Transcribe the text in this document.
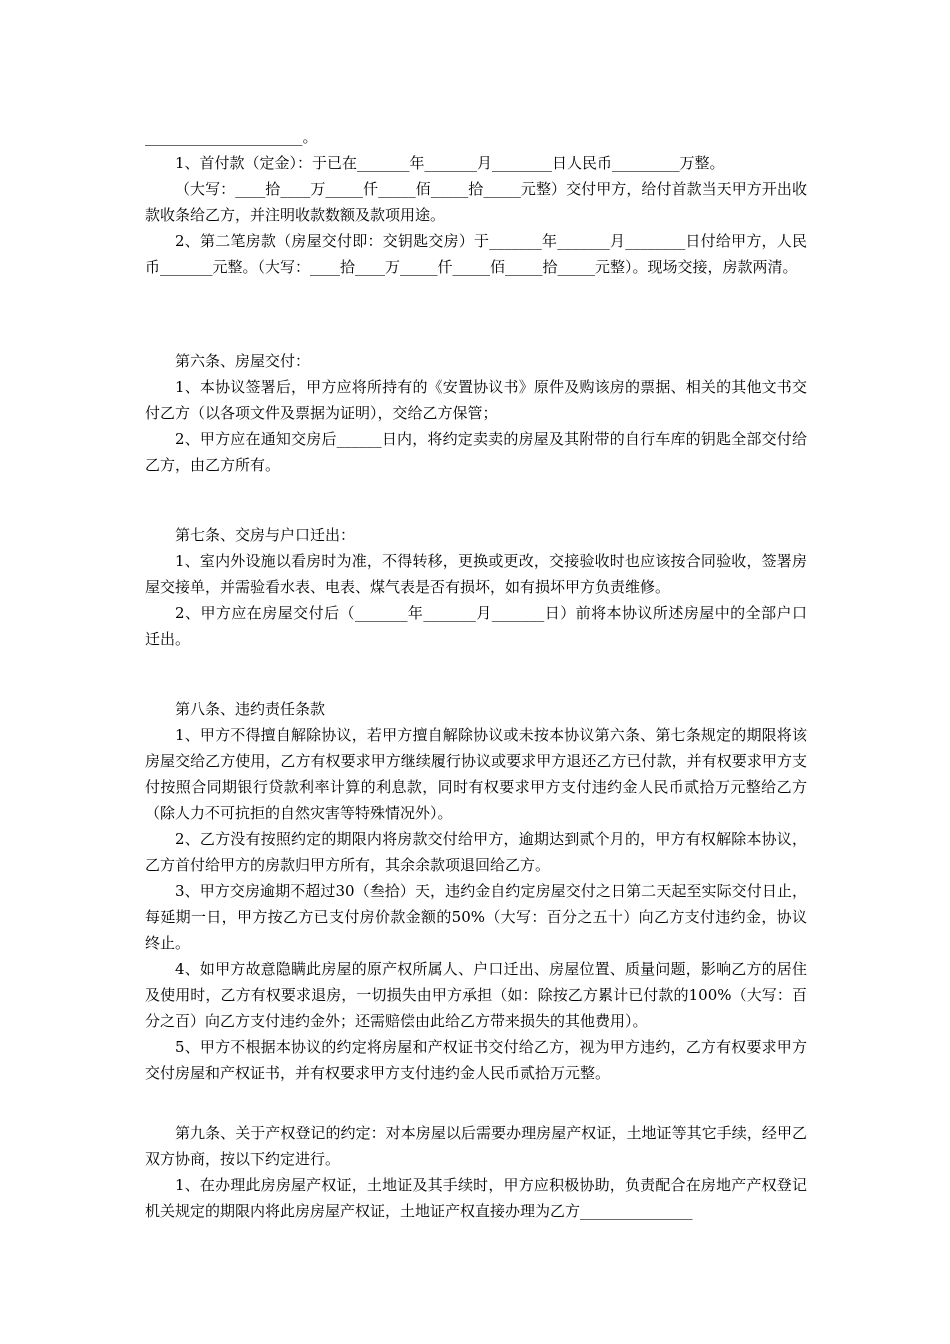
_____________________。

1、首付款（定金）：于已在_______年_______月________日人民币_________万整。

（大写：____拾____万_____仟_____佰_____拾_____元整）交付甲方，给付首款当天甲方开出收款收条给乙方，并注明收款数额及款项用途。

2、第二笔房款（房屋交付即：交钥匙交房）于_______年_______月________日付给甲方，人民币_______元整。（大写：____拾____万_____仟_____佰_____拾_____元整）。现场交接，房款两清。

第六条、房屋交付：

1、本协议签署后，甲方应将所持有的《安置协议书》原件及购该房的票据、相关的其他文书交付乙方（以各项文件及票据为证明），交给乙方保管；

2、甲方应在通知交房后______日内，将约定卖卖的房屋及其附带的自行车库的钥匙全部交付给乙方，由乙方所有。

第七条、交房与户口迁出：

1、室内外设施以看房时为准，不得转移，更换或更改，交接验收时也应该按合同验收，签署房屋交接单，并需验看水表、电表、煤气表是否有损坏，如有损坏甲方负责维修。

2、甲方应在房屋交付后（_______年_______月_______日）前将本协议所述房屋中的全部户口迁出。

第八条、违约责任条款

1、甲方不得擅自解除协议，若甲方擅自解除协议或未按本协议第六条、第七条规定的期限将该房屋交给乙方使用，乙方有权要求甲方继续履行协议或要求甲方退还乙方已付款，并有权要求甲方支付按照合同期银行贷款利率计算的利息款，同时有权要求甲方支付违约金人民币贰拾万元整给乙方（除人力不可抗拒的自然灾害等特殊情况外）。

2、乙方没有按照约定的期限内将房款交付给甲方，逾期达到贰个月的，甲方有权解除本协议，乙方首付给甲方的房款归甲方所有，其余余款项退回给乙方。

3、甲方交房逾期不超过30（叁拾）天，违约金自约定房屋交付之日第二天起至实际交付日止，每延期一日，甲方按乙方已支付房价款金额的50%（大写：百分之五十）向乙方支付违约金，协议终止。

4、如甲方故意隐瞒此房屋的原产权所属人、户口迁出、房屋位置、质量问题，影响乙方的居住及使用时，乙方有权要求退房，一切损失由甲方承担（如：除按乙方累计已付款的100%（大写：百分之百）向乙方支付违约金外；还需赔偿由此给乙方带来损失的其他费用）。

5、甲方不根据本协议的约定将房屋和产权证书交付给乙方，视为甲方违约，乙方有权要求甲方交付房屋和产权证书，并有权要求甲方支付违约金人民币贰拾万元整。

第九条、关于产权登记的约定：对本房屋以后需要办理房屋产权证，土地证等其它手续，经甲乙双方协商，按以下约定进行。

1、在办理此房房屋产权证，土地证及其手续时，甲方应积极协助，负责配合在房地产产权登记机关规定的期限内将此房房屋产权证，土地证产权直接办理为乙方_______________
